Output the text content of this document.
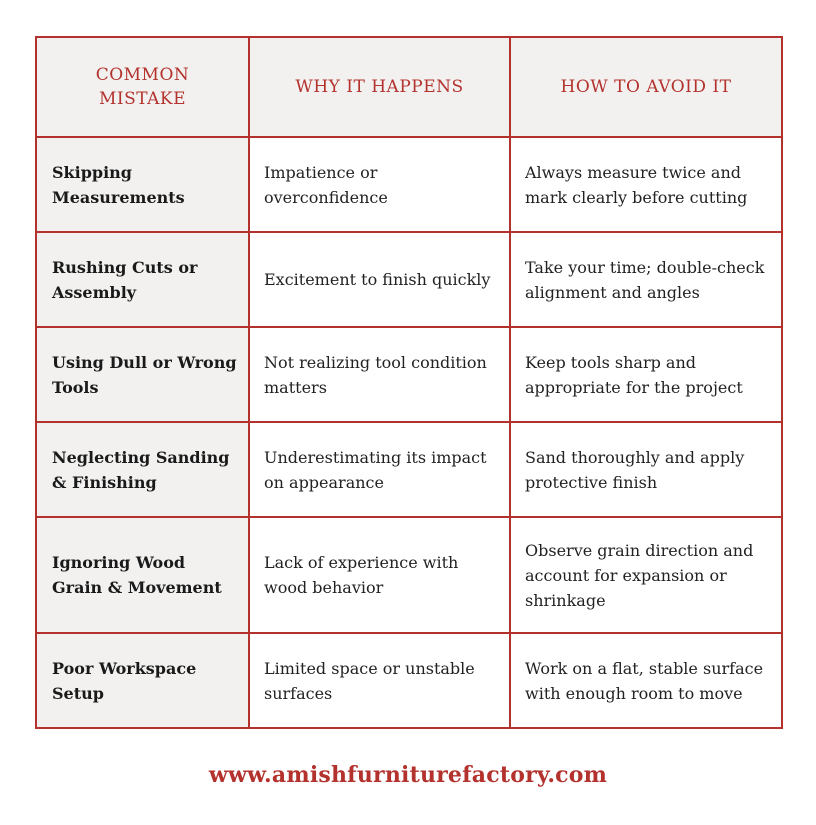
COMMON MISTAKE	WHY IT HAPPENS	HOW TO AVOID IT
Skipping Measurements	Impatience or overconfidence	Always measure twice and mark clearly before cutting
Rushing Cuts or Assembly	Excitement to finish quickly	Take your time; double-check alignment and angles
Using Dull or Wrong Tools	Not realizing tool condition matters	Keep tools sharp and appropriate for the project
Neglecting Sanding & Finishing	Underestimating its impact on appearance	Sand thoroughly and apply protective finish
Ignoring Wood Grain & Movement	Lack of experience with wood behavior	Observe grain direction and account for expansion or shrinkage
Poor Workspace Setup	Limited space or unstable surfaces	Work on a flat, stable surface with enough room to move
www.amishfurniturefactory.com
